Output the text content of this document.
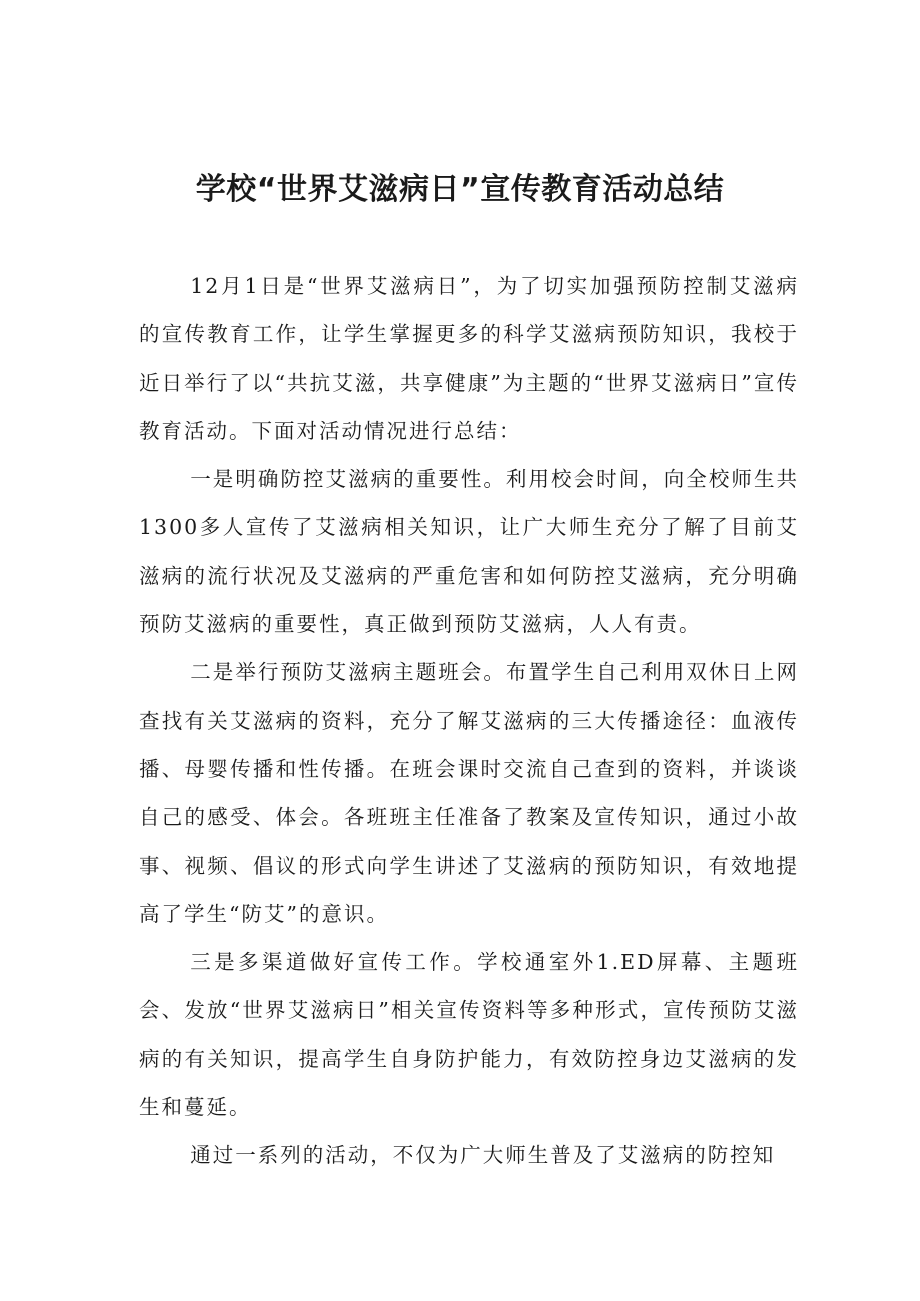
学校“世界艾滋病日”宣传教育活动总结

12月1日是“世界艾滋病日”，为了切实加强预防控制艾滋病的宣传教育工作，让学生掌握更多的科学艾滋病预防知识，我校于近日举行了以“共抗艾滋，共享健康”为主题的“世界艾滋病日”宣传教育活动。下面对活动情况进行总结：

一是明确防控艾滋病的重要性。利用校会时间，向全校师生共1300多人宣传了艾滋病相关知识，让广大师生充分了解了目前艾滋病的流行状况及艾滋病的严重危害和如何防控艾滋病，充分明确预防艾滋病的重要性，真正做到预防艾滋病，人人有责。

二是举行预防艾滋病主题班会。布置学生自己利用双休日上网查找有关艾滋病的资料，充分了解艾滋病的三大传播途径：血液传播、母婴传播和性传播。在班会课时交流自己查到的资料，并谈谈自己的感受、体会。各班班主任准备了教案及宣传知识，通过小故事、视频、倡议的形式向学生讲述了艾滋病的预防知识，有效地提高了学生“防艾”的意识。

三是多渠道做好宣传工作。学校通室外1.ED屏幕、主题班会、发放“世界艾滋病日”相关宣传资料等多种形式，宣传预防艾滋病的有关知识，提高学生自身防护能力，有效防控身边艾滋病的发生和蔓延。

通过一系列的活动，不仅为广大师生普及了艾滋病的防控知
